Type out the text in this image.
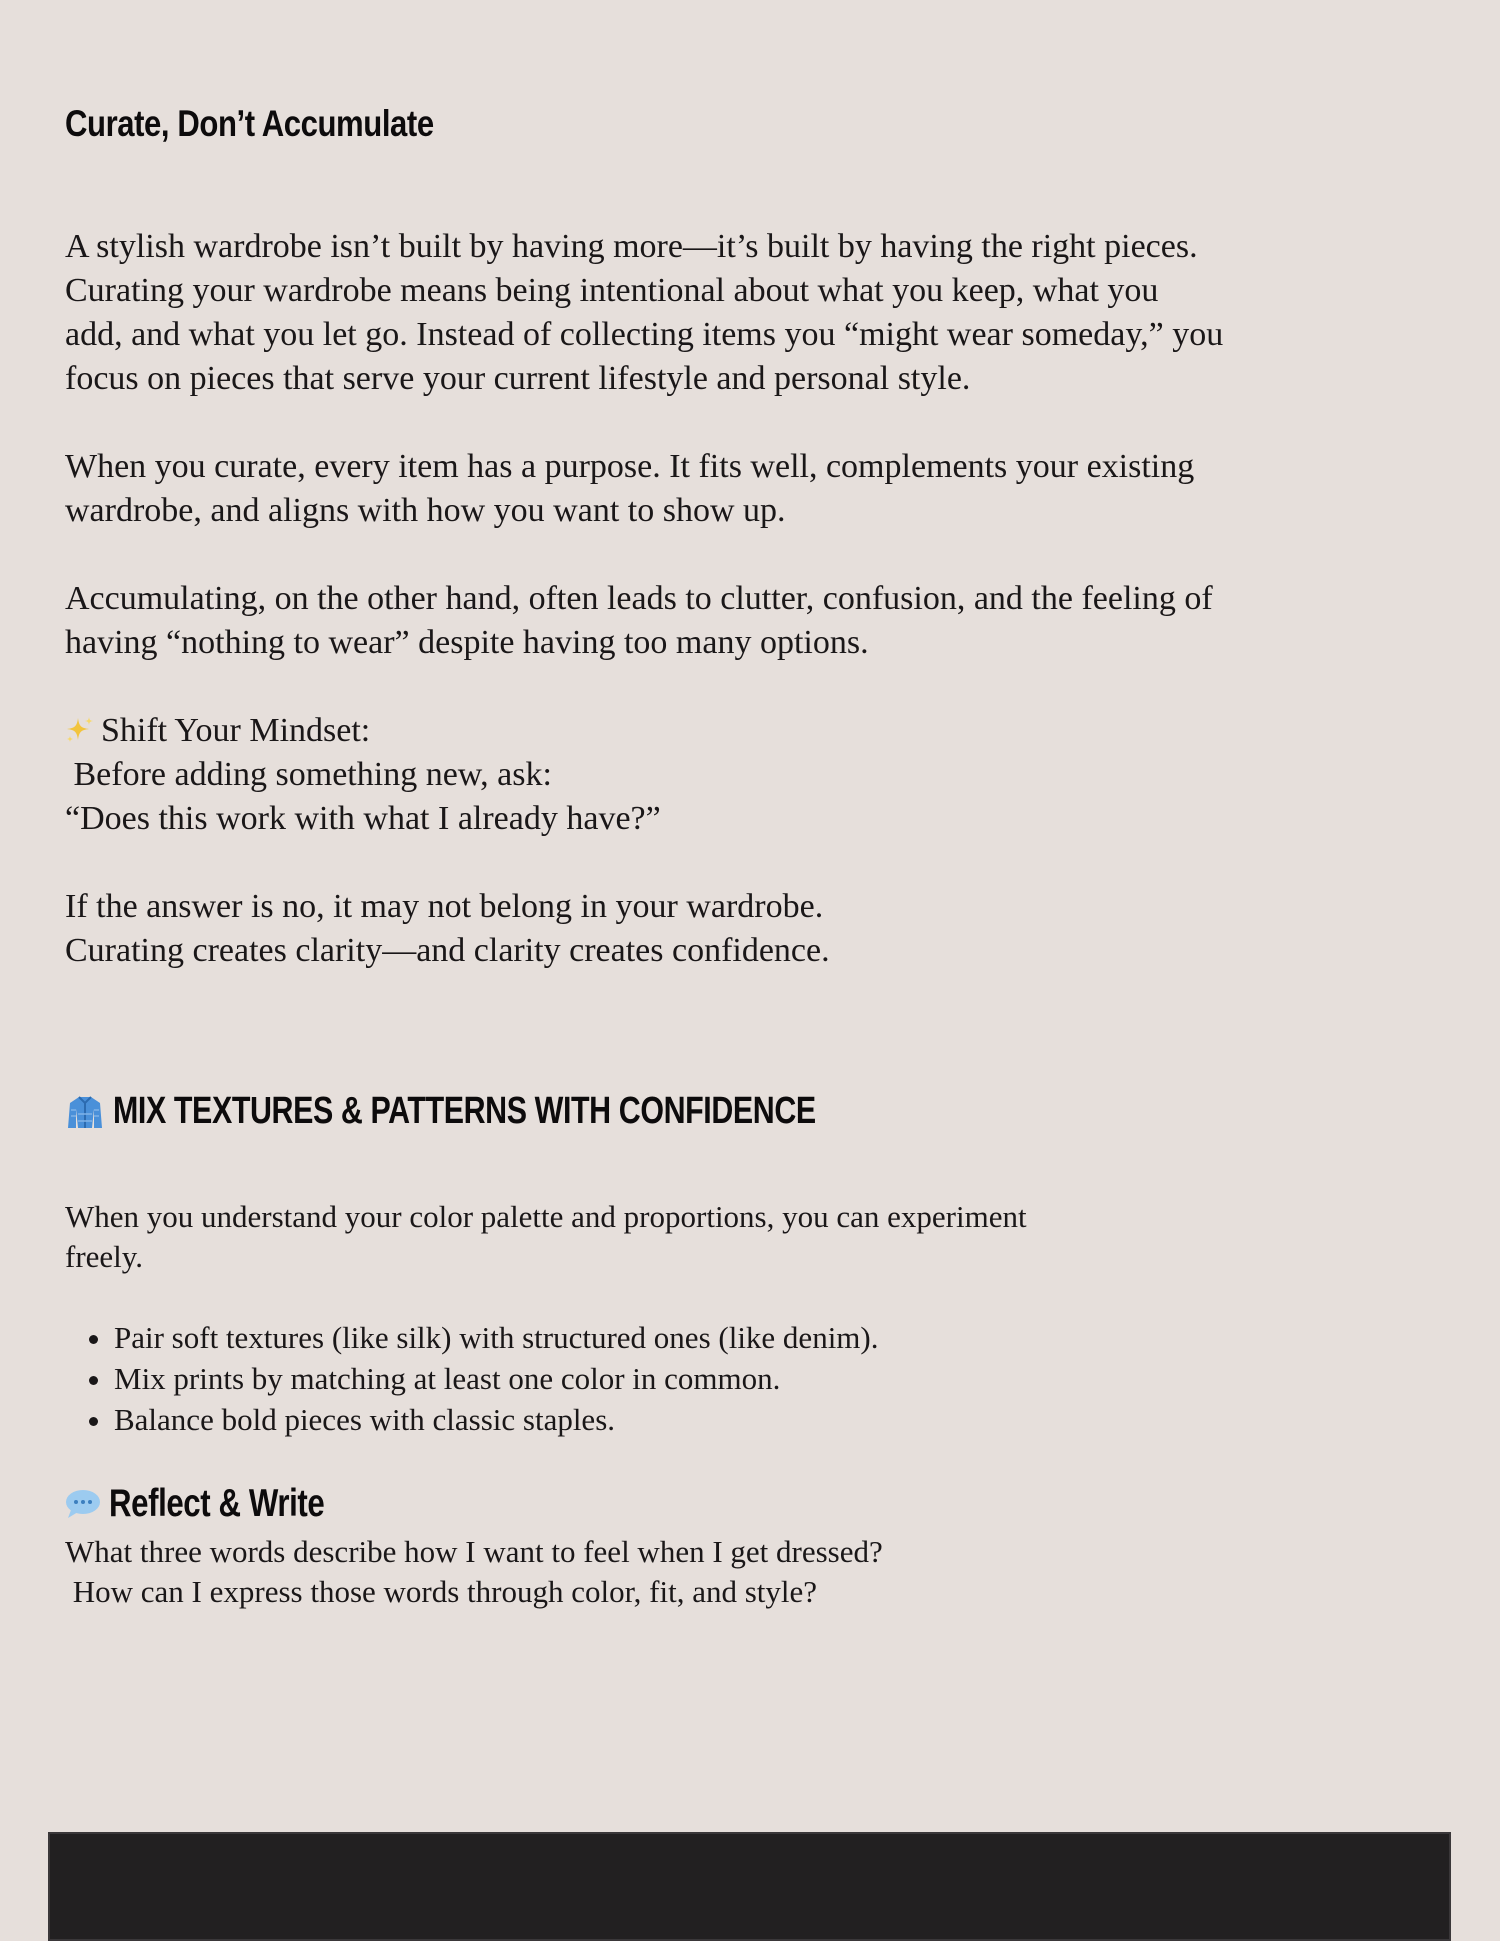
Curate, Don’t Accumulate

A stylish wardrobe isn’t built by having more—it’s built by having the right pieces.
Curating your wardrobe means being intentional about what you keep, what you
add, and what you let go. Instead of collecting items you “might wear someday,” you
focus on pieces that serve your current lifestyle and personal style.

When you curate, every item has a purpose. It fits well, complements your existing
wardrobe, and aligns with how you want to show up.

Accumulating, on the other hand, often leads to clutter, confusion, and the feeling of
having “nothing to wear” despite having too many options.

Shift Your Mindset:
Before adding something new, ask:
“Does this work with what I already have?”

If the answer is no, it may not belong in your wardrobe.
Curating creates clarity—and clarity creates confidence.

MIX TEXTURES & PATTERNS WITH CONFIDENCE

When you understand your color palette and proportions, you can experiment
freely.

• Pair soft textures (like silk) with structured ones (like denim).
• Mix prints by matching at least one color in common.
• Balance bold pieces with classic staples.
Reflect & Write
What three words describe how I want to feel when I get dressed?
How can I express those words through color, fit, and style?
